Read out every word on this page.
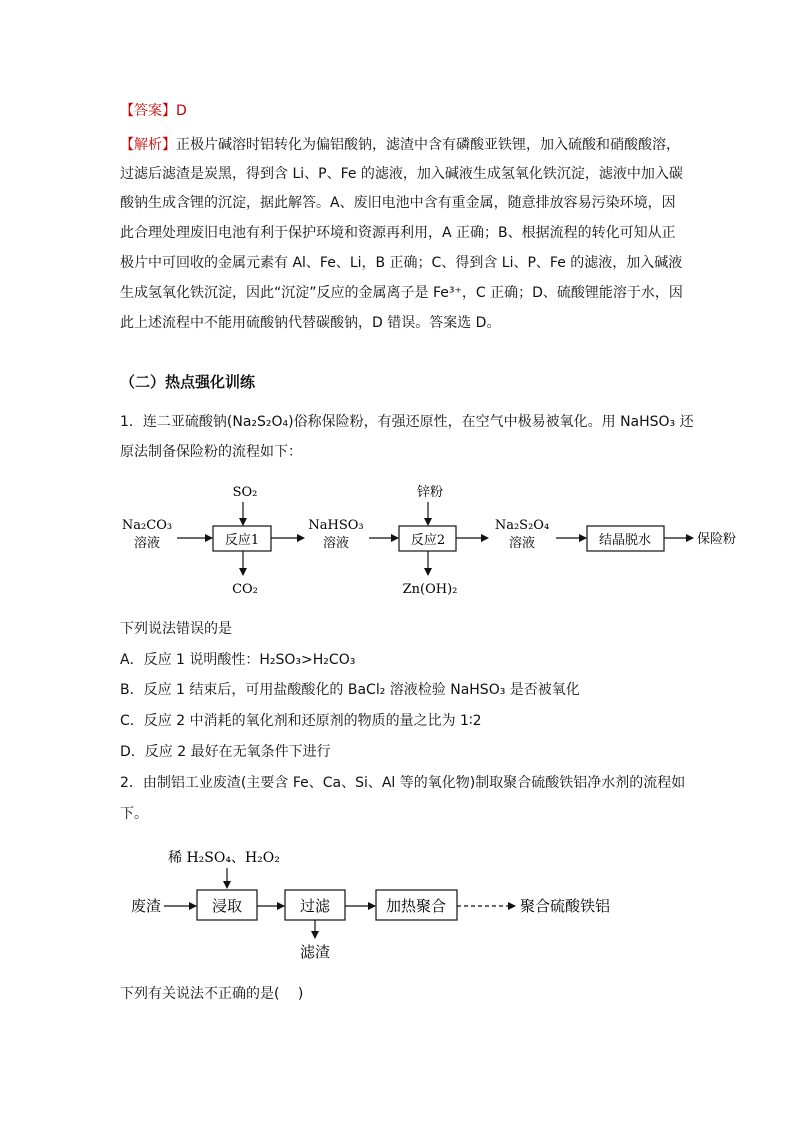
【答案】D
【解析】正极片碱溶时铝转化为偏铝酸钠，滤渣中含有磷酸亚铁锂，加入硫酸和硝酸酸溶，
过滤后滤渣是炭黑，得到含 Li、P、Fe 的滤液，加入碱液生成氢氧化铁沉淀，滤液中加入碳
酸钠生成含锂的沉淀，据此解答。A、废旧电池中含有重金属，随意排放容易污染环境，因
此合理处理废旧电池有利于保护环境和资源再利用，A 正确；B、根据流程的转化可知从正
极片中可回收的金属元素有 Al、Fe、Li，B 正确；C、得到含 Li、P、Fe 的滤液，加入碱液
生成氢氧化铁沉淀，因此“沉淀”反应的金属离子是 Fe³⁺，C 正确；D、硫酸锂能溶于水，因
此上述流程中不能用硫酸钠代替碳酸钠，D 错误。答案选 D。
（二）热点强化训练
1．连二亚硫酸钠(Na₂S₂O₄)俗称保险粉，有强还原性，在空气中极易被氧化。用 NaHSO₃ 还
原法制备保险粉的流程如下：
Na₂CO₃
溶液	反应1
SO₂
CO₂
NaHSO₃
溶液	反应2
锌粉
Zn(OH)₂
Na₂S₂O₄
溶液	结晶脱水	保险粉
下列说法错误的是
A．反应 1 说明酸性：H₂SO₃>H₂CO₃
B．反应 1 结束后，可用盐酸酸化的 BaCl₂ 溶液检验 NaHSO₃ 是否被氧化
C．反应 2 中消耗的氧化剂和还原剂的物质的量之比为 1∶2
D．反应 2 最好在无氧条件下进行
2．由制铝工业废渣(主要含 Fe、Ca、Si、Al 等的氧化物)制取聚合硫酸铁铝净水剂的流程如
下。
稀 H₂SO₄、H₂O₂
废渣	浸取	过滤
滤渣
加热聚合	聚合硫酸铁铝
下列有关说法不正确的是(　 )
